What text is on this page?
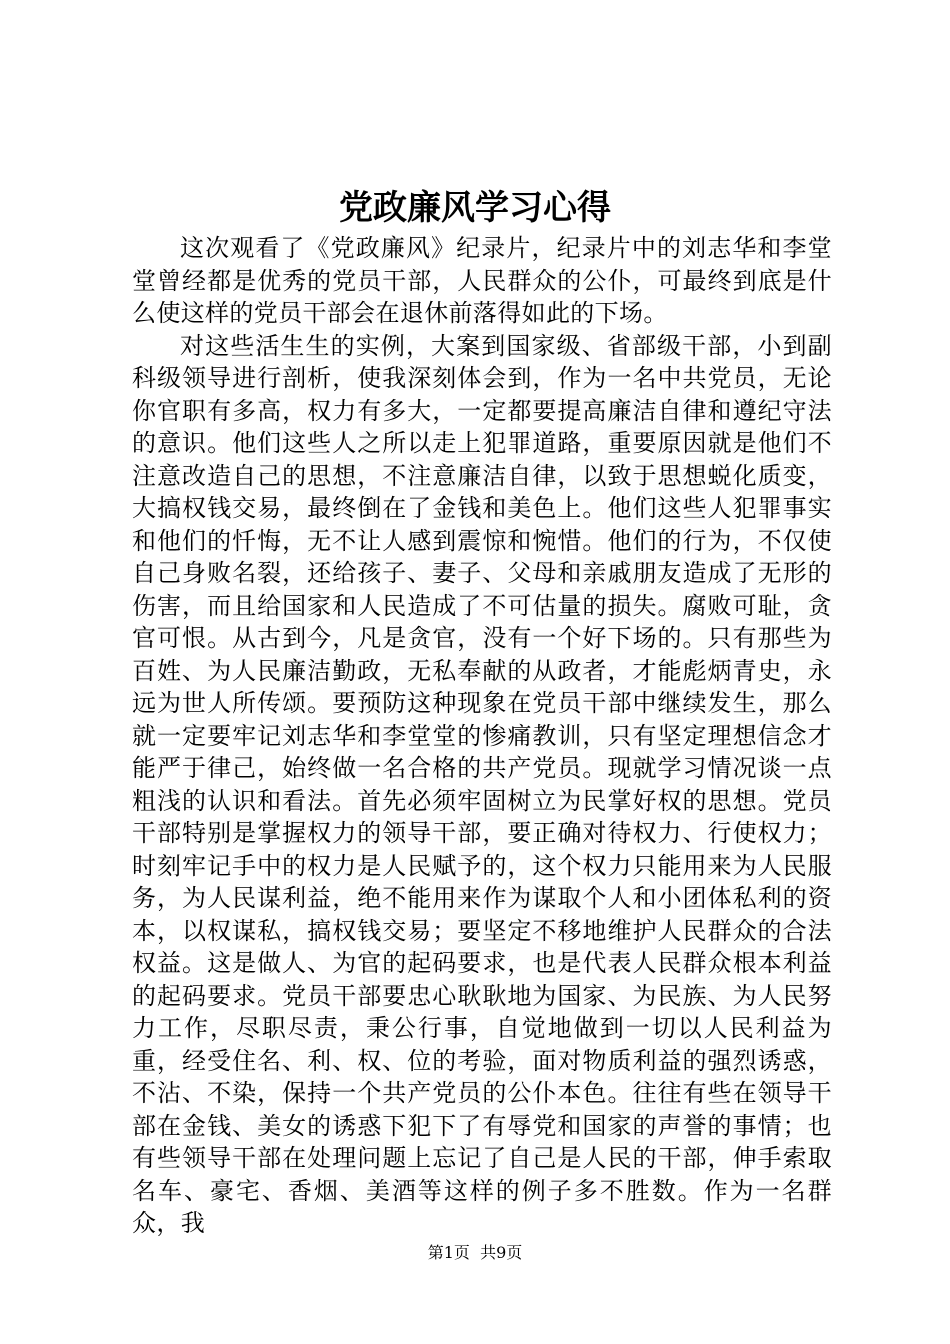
党政廉风学习心得

这次观看了《党政廉风》纪录片，纪录片中的刘志华和李堂堂曾经都是优秀的党员干部，人民群众的公仆，可最终到底是什么使这样的党员干部会在退休前落得如此的下场。

对这些活生生的实例，大案到国家级、省部级干部，小到副科级领导进行剖析，使我深刻体会到，作为一名中共党员，无论你官职有多高，权力有多大，一定都要提高廉洁自律和遵纪守法的意识。他们这些人之所以走上犯罪道路，重要原因就是他们不注意改造自己的思想，不注意廉洁自律，以致于思想蜕化质变，大搞权钱交易，最终倒在了金钱和美色上。他们这些人犯罪事实和他们的忏悔，无不让人感到震惊和惋惜。他们的行为，不仅使自己身败名裂，还给孩子、妻子、父母和亲戚朋友造成了无形的伤害，而且给国家和人民造成了不可估量的损失。腐败可耻，贪官可恨。从古到今，凡是贪官，没有一个好下场的。只有那些为百姓、为人民廉洁勤政，无私奉献的从政者，才能彪炳青史，永远为世人所传颂。要预防这种现象在党员干部中继续发生，那么就一定要牢记刘志华和李堂堂的惨痛教训，只有坚定理想信念才能严于律己，始终做一名合格的共产党员。现就学习情况谈一点粗浅的认识和看法。首先必须牢固树立为民掌好权的思想。党员干部特别是掌握权力的领导干部，要正确对待权力、行使权力；时刻牢记手中的权力是人民赋予的，这个权力只能用来为人民服务，为人民谋利益，绝不能用来作为谋取个人和小团体私利的资本，以权谋私，搞权钱交易；要坚定不移地维护人民群众的合法权益。这是做人、为官的起码要求，也是代表人民群众根本利益的起码要求。党员干部要忠心耿耿地为国家、为民族、为人民努力工作，尽职尽责，秉公行事，自觉地做到一切以人民利益为重，经受住名、利、权、位的考验，面对物质利益的强烈诱惑，不沾、不染，保持一个共产党员的公仆本色。往往有些在领导干部在金钱、美女的诱惑下犯下了有辱党和国家的声誉的事情；也有些领导干部在处理问题上忘记了自己是人民的干部，伸手索取名车、豪宅、香烟、美酒等这样的例子多不胜数。作为一名群众，我

第1页 共9页
